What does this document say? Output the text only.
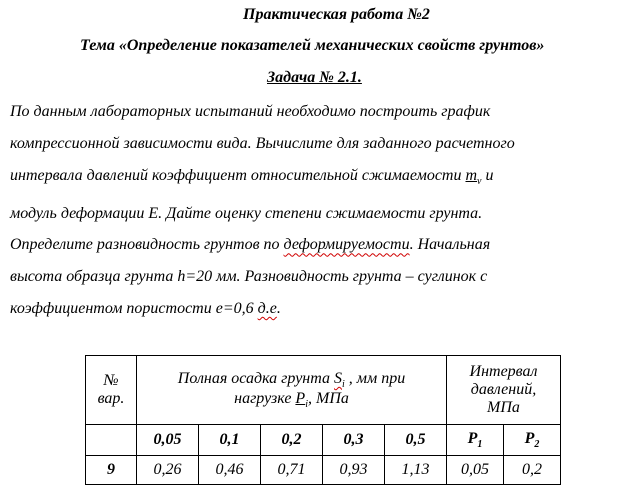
Практическая работа №2
Тема «Определение показателей механических свойств грунтов»
Задача № 2.1.
По данным лабораторных испытаний необходимо построить график
компрессионной зависимости вида. Вычислите для заданного расчетного
интервала давлений коэффициент относительной сжимаемости $m_v$ и
модуль деформации E. Дайте оценку степени сжимаемости грунта.
Определите разновидность грунтов по деформируемости. Начальная
высота образца грунта h=20 мм. Разновидность грунта – суглинок с
коэффициентом пористости e=0,6 д.е.
№
вар.	Полная осадка грунта $S_i$ , мм при
нагрузке $P_i$, МПа					Интервал
давлений,
МПа	
	0,05	0,1	0,2	0,3	0,5	$P_1$	$P_2$
9	0,26	0,46	0,71	0,93	1,13	0,05	0,2
